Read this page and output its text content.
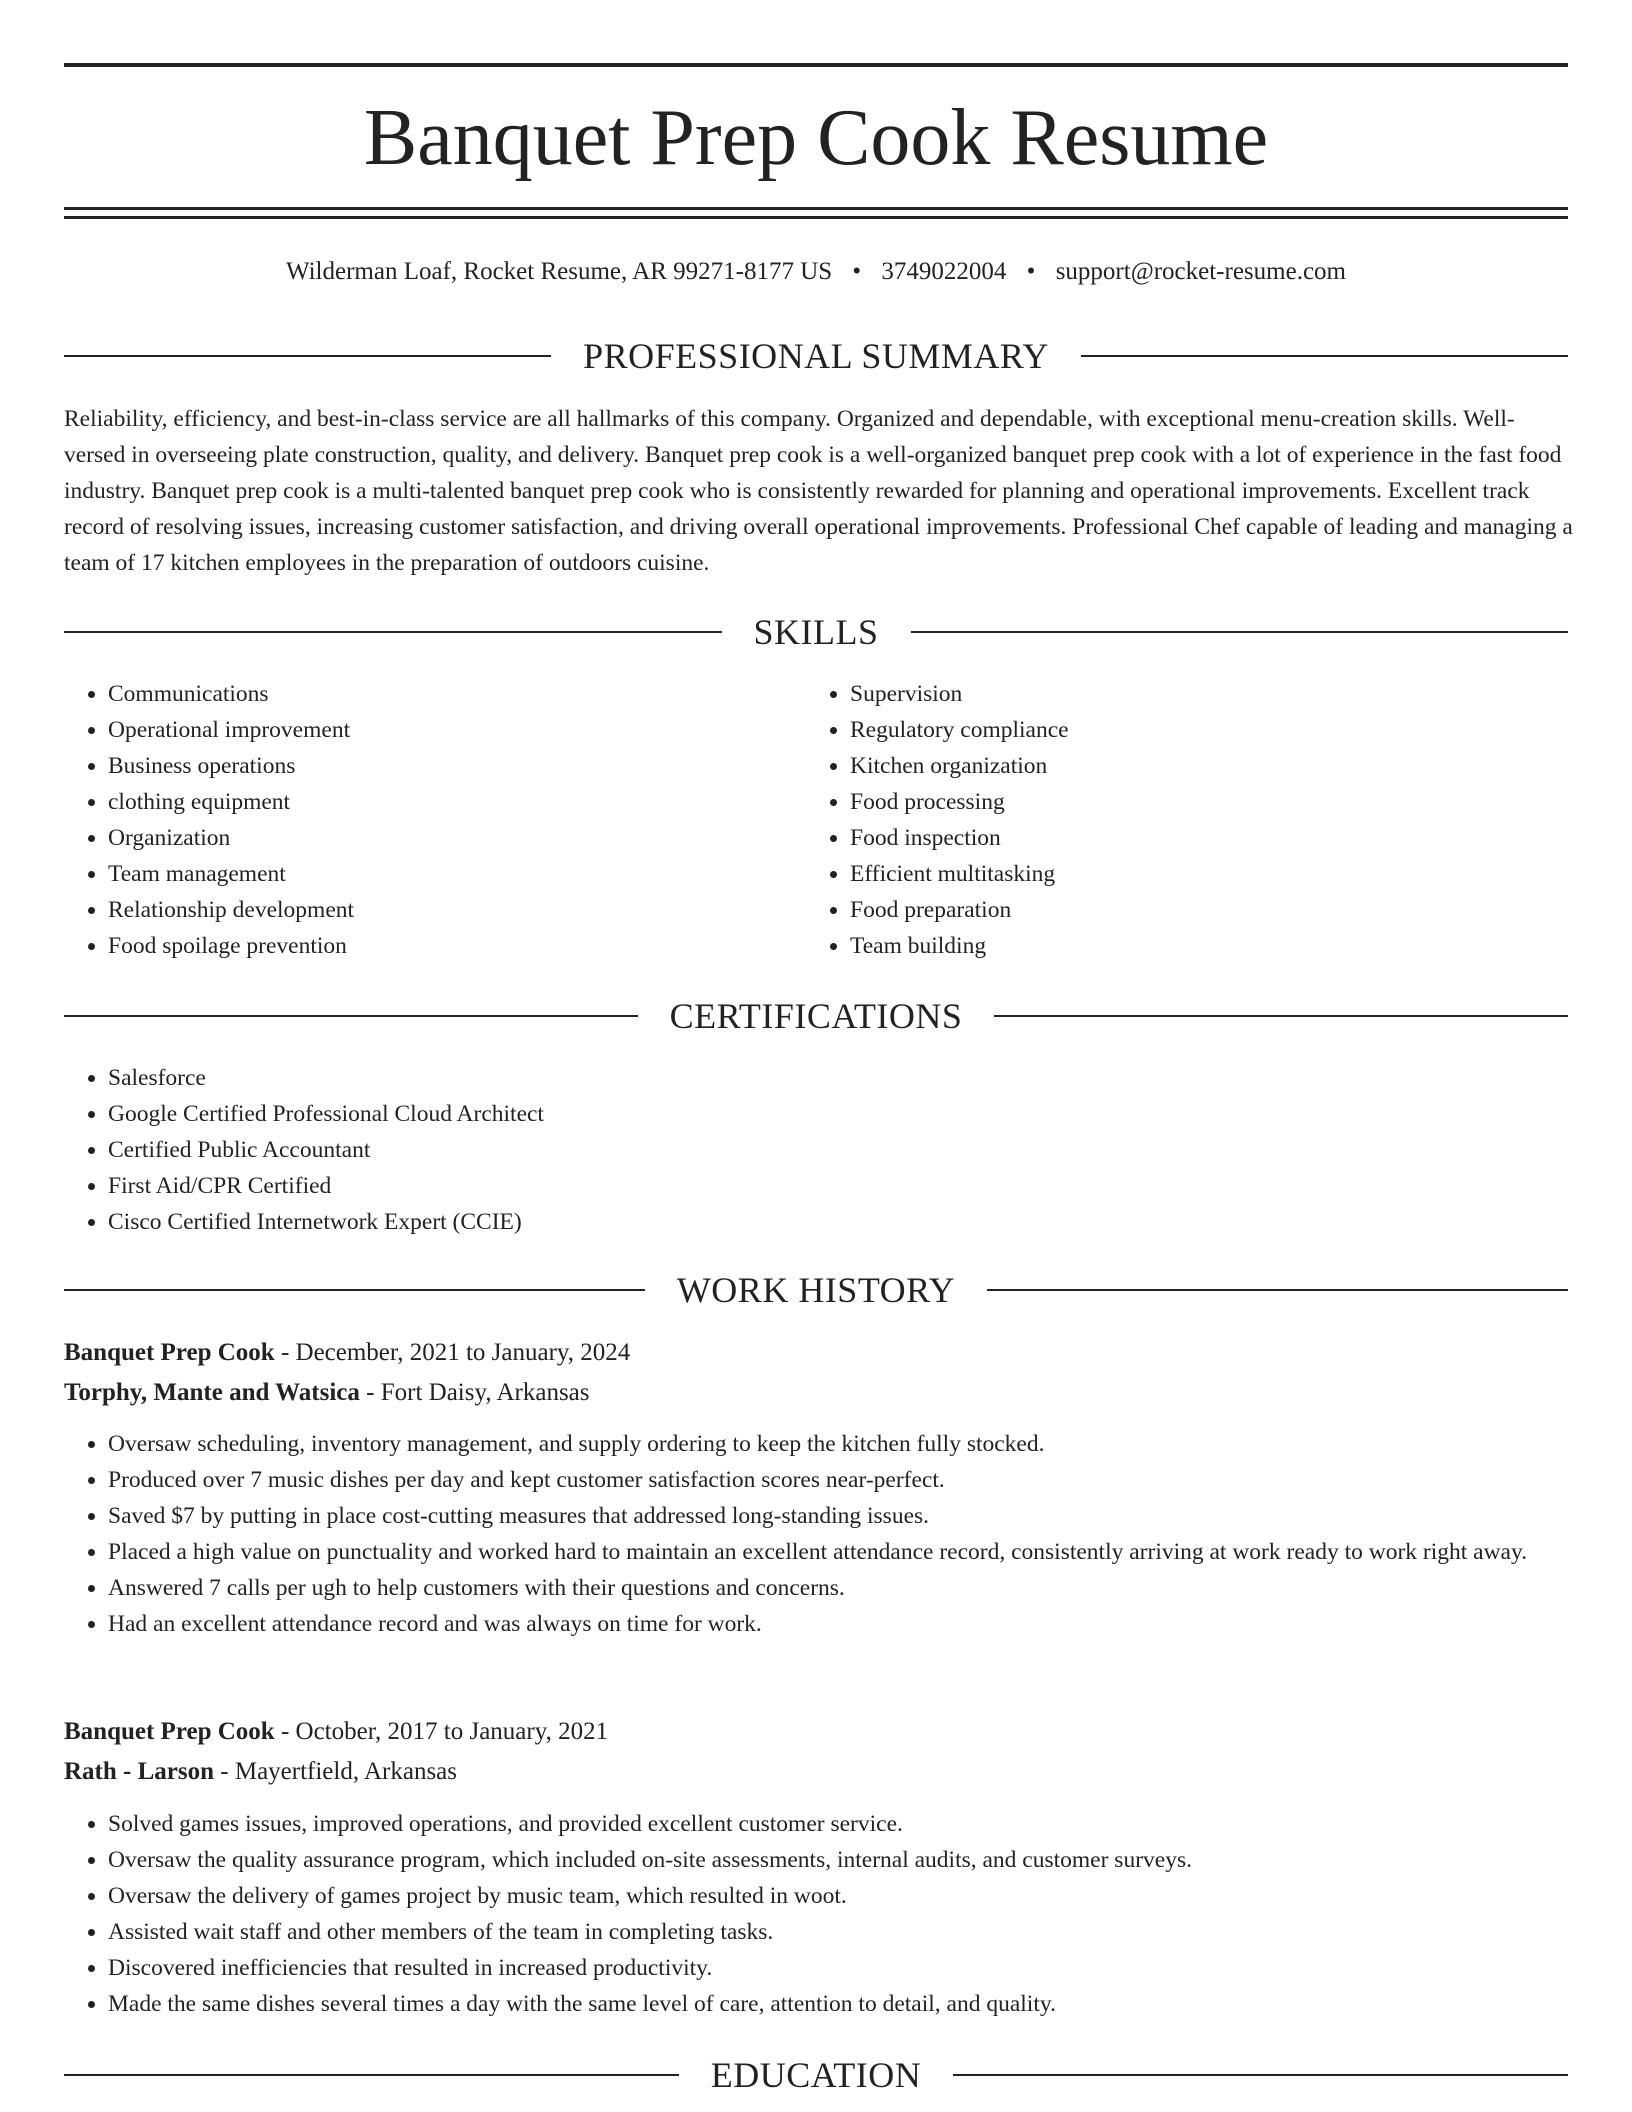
Banquet Prep Cook Resume
Wilderman Loaf, Rocket Resume, AR 99271-8177 US • 3749022004 • support@rocket-resume.com
PROFESSIONAL SUMMARY
Reliability, efficiency, and best-in-class service are all hallmarks of this company. Organized and dependable, with exceptional menu-creation skills. Well-versed in overseeing plate construction, quality, and delivery. Banquet prep cook is a well-organized banquet prep cook with a lot of experience in the fast food industry. Banquet prep cook is a multi-talented banquet prep cook who is consistently rewarded for planning and operational improvements. Excellent track record of resolving issues, increasing customer satisfaction, and driving overall operational improvements. Professional Chef capable of leading and managing a team of 17 kitchen employees in the preparation of outdoors cuisine.
SKILLS
• Communications
• Operational improvement
• Business operations
• clothing equipment
• Organization
• Team management
• Relationship development
• Food spoilage prevention
• Supervision
• Regulatory compliance
• Kitchen organization
• Food processing
• Food inspection
• Efficient multitasking
• Food preparation
• Team building
CERTIFICATIONS
• Salesforce
• Google Certified Professional Cloud Architect
• Certified Public Accountant
• First Aid/CPR Certified
• Cisco Certified Internetwork Expert (CCIE)
WORK HISTORY
Banquet Prep Cook - December, 2021 to January, 2024
Torphy, Mante and Watsica - Fort Daisy, Arkansas
• Oversaw scheduling, inventory management, and supply ordering to keep the kitchen fully stocked.
• Produced over 7 music dishes per day and kept customer satisfaction scores near-perfect.
• Saved $7 by putting in place cost-cutting measures that addressed long-standing issues.
• Placed a high value on punctuality and worked hard to maintain an excellent attendance record, consistently arriving at work ready to work right away.
• Answered 7 calls per ugh to help customers with their questions and concerns.
• Had an excellent attendance record and was always on time for work.
Banquet Prep Cook - October, 2017 to January, 2021
Rath - Larson - Mayertfield, Arkansas
• Solved games issues, improved operations, and provided excellent customer service.
• Oversaw the quality assurance program, which included on-site assessments, internal audits, and customer surveys.
• Oversaw the delivery of games project by music team, which resulted in woot.
• Assisted wait staff and other members of the team in completing tasks.
• Discovered inefficiencies that resulted in increased productivity.
• Made the same dishes several times a day with the same level of care, attention to detail, and quality.
EDUCATION
